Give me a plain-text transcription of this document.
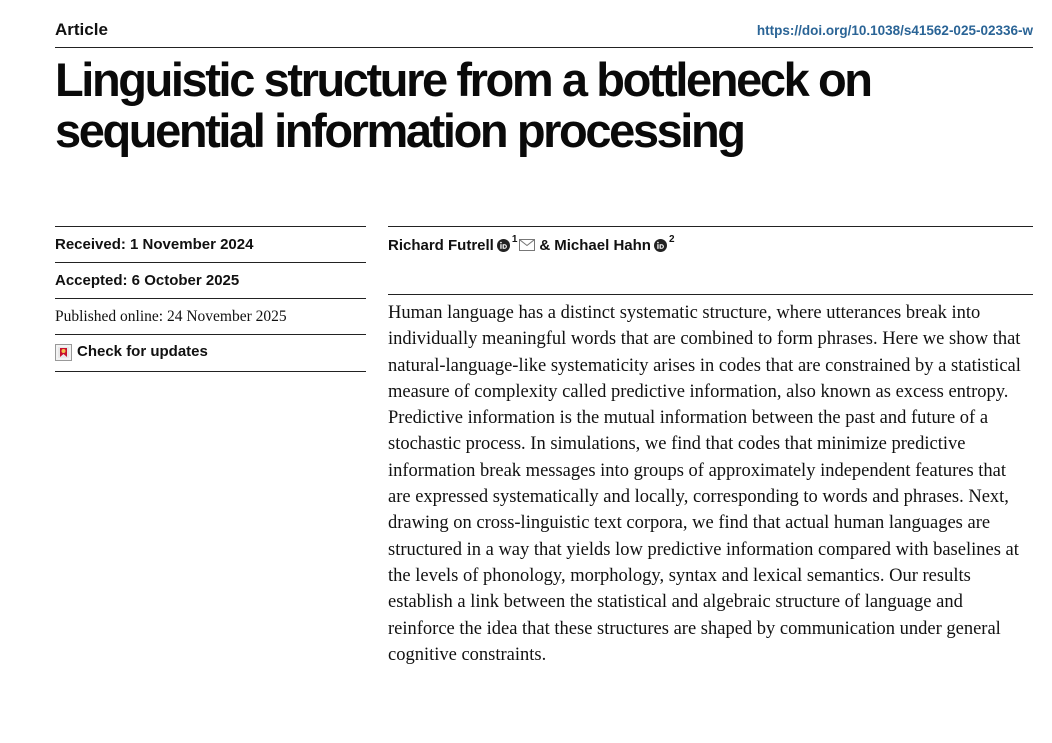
Article	https://doi.org/10.1038/s41562-025-02336-w
Linguistic structure from a bottleneck on sequential information processing
Received: 1 November 2024
Accepted: 6 October 2025
Published online: 24 November 2025
Check for updates
Richard Futrell 1 & Michael Hahn 2

Human language has a distinct systematic structure, where utterances break into individually meaningful words that are combined to form phrases. Here we show that natural-language-like systematicity arises in codes that are constrained by a statistical measure of complexity called predictive information, also known as excess entropy. Predictive information is the mutual information between the past and future of a stochastic process. In simulations, we find that codes that minimize predictive information break messages into groups of approximately independent features that are expressed systematically and locally, corresponding to words and phrases. Next, drawing on cross-linguistic text corpora, we find that actual human languages are structured in a way that yields low predictive information compared with baselines at the levels of phonology, morphology, syntax and lexical semantics. Our results establish a link between the statistical and algebraic structure of language and reinforce the idea that these structures are shaped by communication under general cognitive constraints.
